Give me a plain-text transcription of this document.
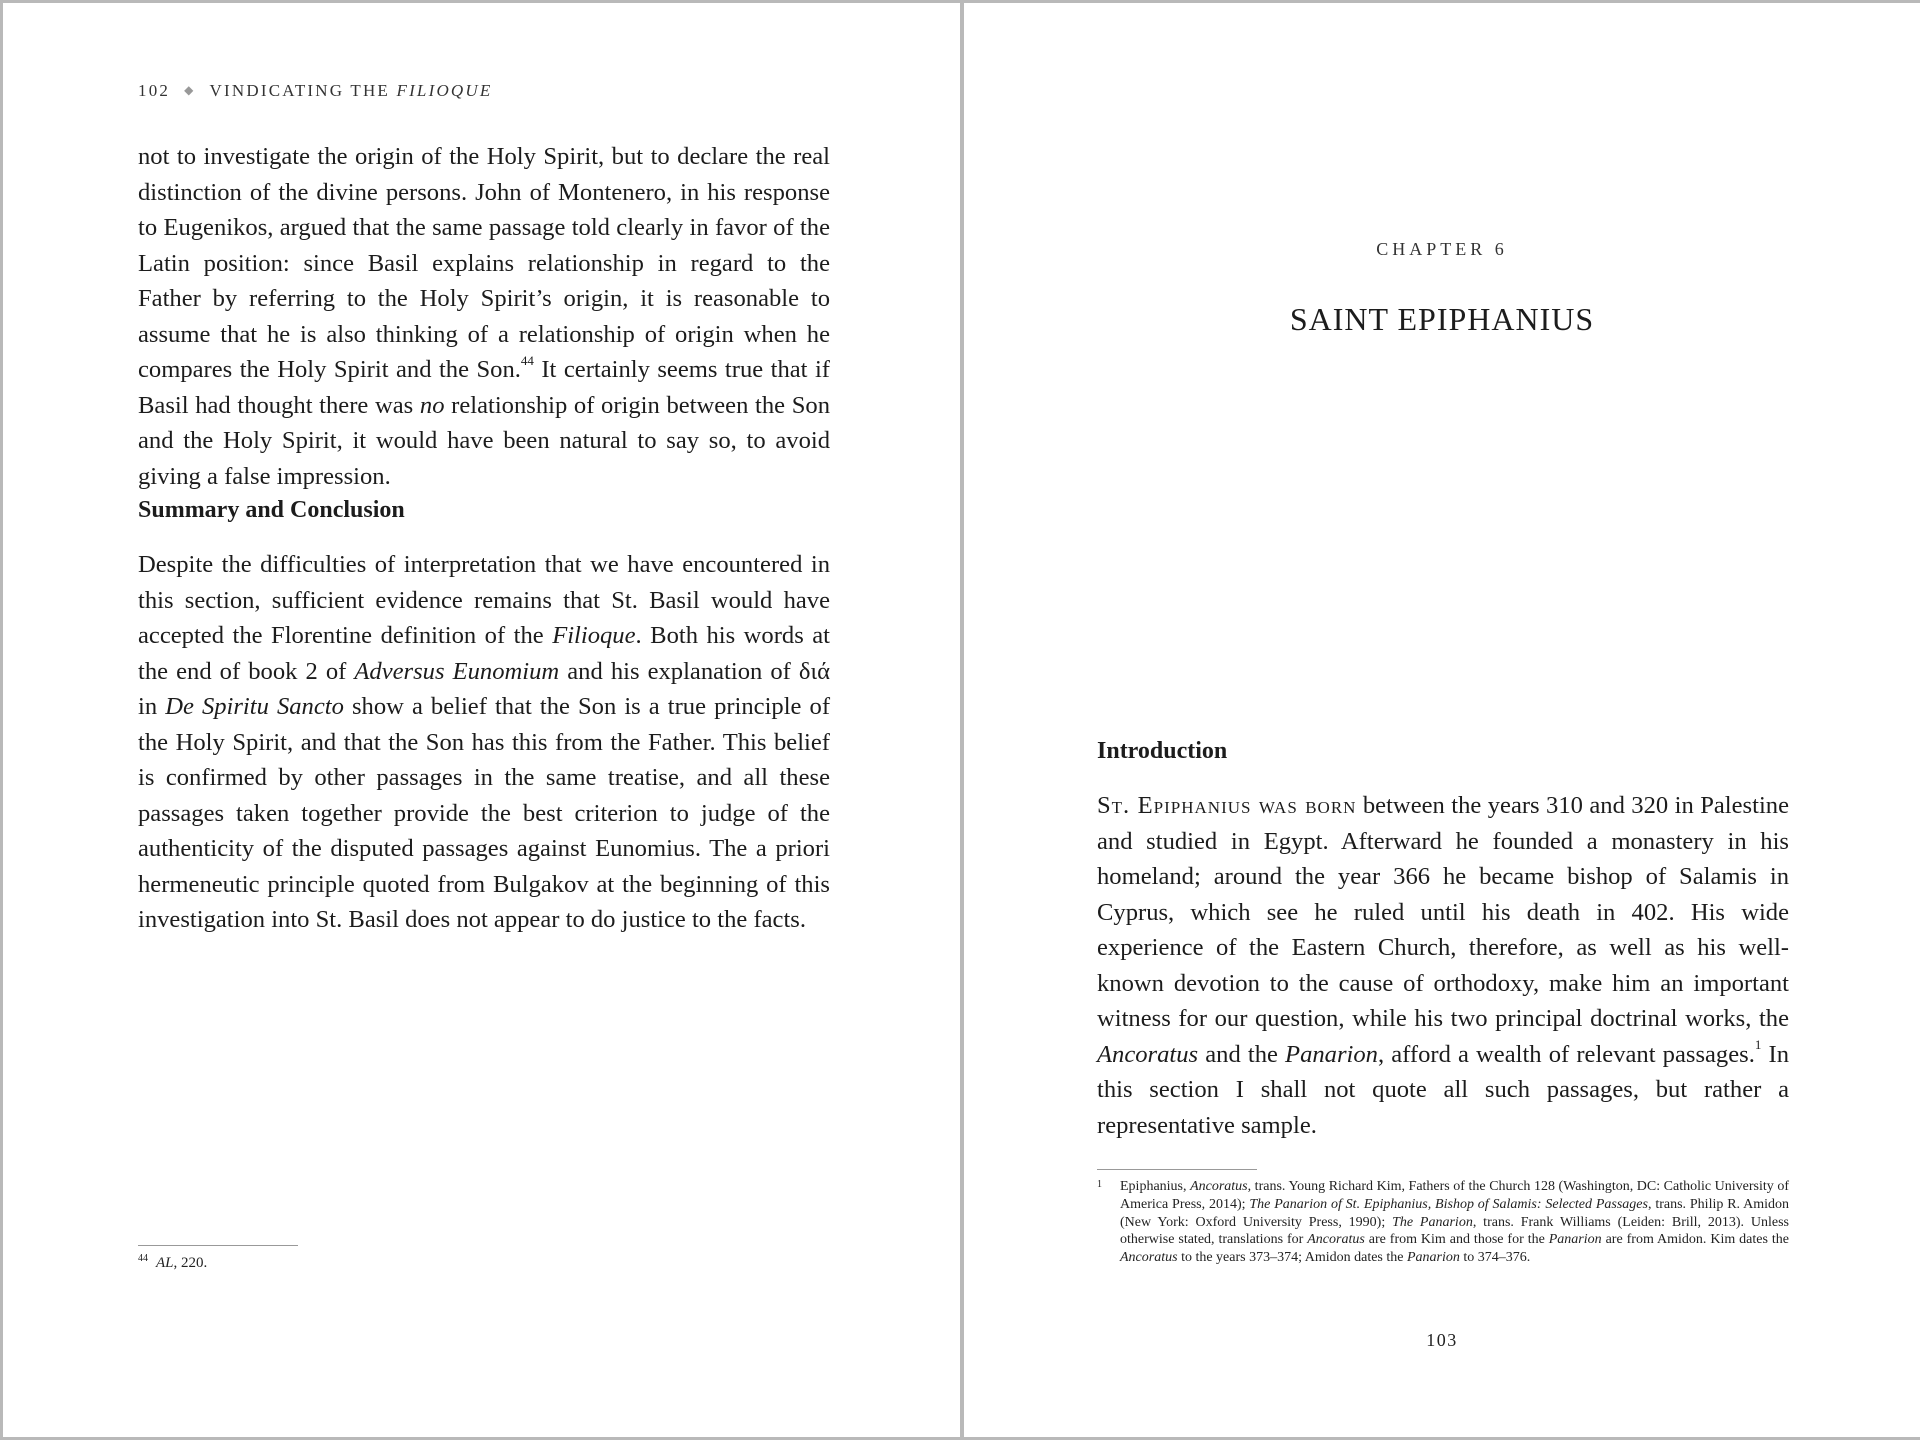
102 ◆ VINDICATING THE FILIOQUE

not to investigate the origin of the Holy Spirit, but to declare the real distinction of the divine persons. John of Montenero, in his response to Eugenikos, argued that the same passage told clearly in favor of the Latin position: since Basil explains relationship in regard to the Father by referring to the Holy Spirit’s origin, it is reasonable to assume that he is also thinking of a relationship of origin when he compares the Holy Spirit and the Son.$^{44}$ It certainly seems true that if Basil had thought there was no relationship of origin between the Son and the Holy Spirit, it would have been natural to say so, to avoid giving a false impression.

Summary and Conclusion

Despite the difficulties of interpretation that we have encountered in this section, sufficient evidence remains that St. Basil would have accepted the Florentine definition of the Filioque. Both his words at the end of book 2 of Adversus Eunomium and his explanation of διά in De Spiritu Sancto show a belief that the Son is a true principle of the Holy Spirit, and that the Son has this from the Father. This belief is confirmed by other passages in the same treatise, and all these passages taken together provide the best criterion to judge of the authenticity of the disputed passages against Eunomius. The a priori hermeneutic principle quoted from Bulgakov at the beginning of this investigation into St. Basil does not appear to do justice to the facts.

$^{44}$ AL, 220.
CHAPTER 6
SAINT EPIPHANIUS
Introduction

St. Epiphanius was born between the years 310 and 320 in Palestine and studied in Egypt. Afterward he founded a monastery in his homeland; around the year 366 he became bishop of Salamis in Cyprus, which see he ruled until his death in 402. His wide experience of the Eastern Church, therefore, as well as his well-known devotion to the cause of orthodoxy, make him an important witness for our question, while his two principal doctrinal works, the Ancoratus and the Panarion, afford a wealth of relevant passages.$^1$ In this section I shall not quote all such passages, but rather a representative sample.

1 Epiphanius, Ancoratus, trans. Young Richard Kim, Fathers of the Church 128 (Washington, DC: Catholic University of America Press, 2014); The Panarion of St. Epiphanius, Bishop of Salamis: Selected Passages, trans. Philip R. Amidon (New York: Oxford University Press, 1990); The Panarion, trans. Frank Williams (Leiden: Brill, 2013). Unless otherwise stated, translations for Ancoratus are from Kim and those for the Panarion are from Amidon. Kim dates the Ancoratus to the years 373–374; Amidon dates the Panarion to 374–376.
103
